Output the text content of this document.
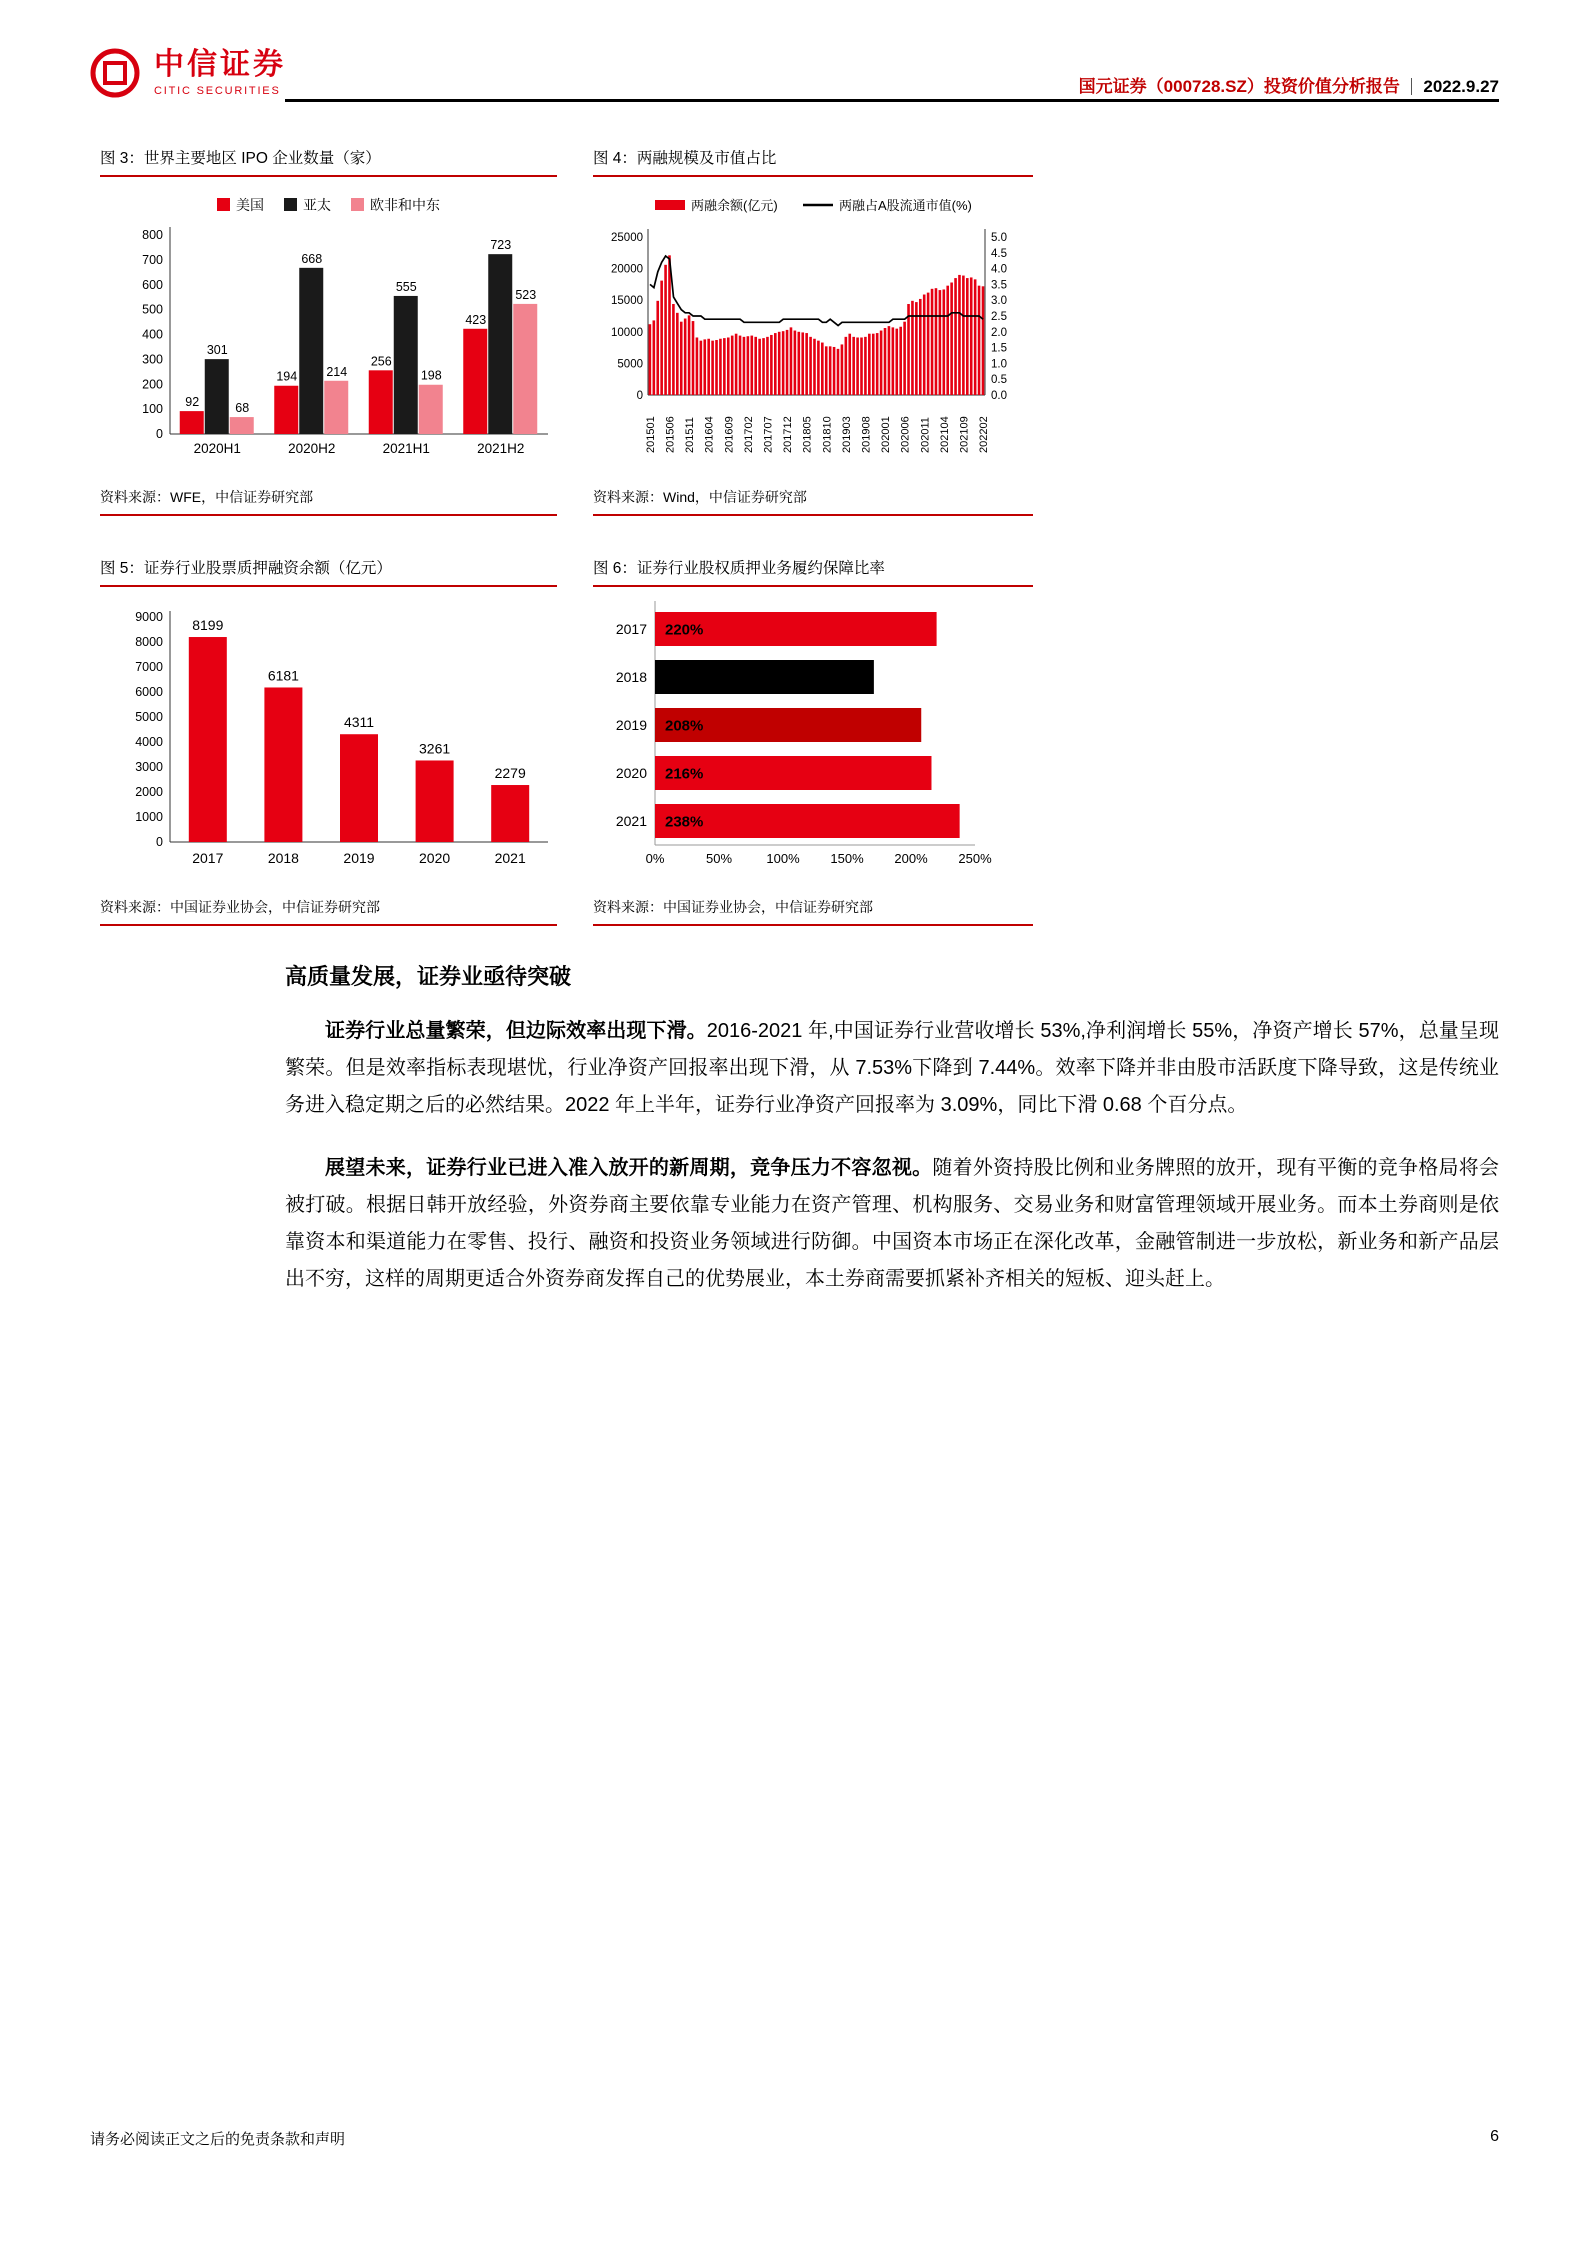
中信证券
CITIC SECURITIES	国元证券（000728.SZ）投资价值分析报告 2022.9.27
图 3：世界主要地区 IPO 企业数量（家）
美国	亚太	欧非和中东
0
100
200
300
400
500
600
700
800
92
301
68
2020H1
194
668
214
2020H2
256
555
198
2021H1
423
723
523
2021H2
资料来源：WFE，中信证券研究部
图 4：两融规模及市值占比
两融余额(亿元)	两融占A股流通市值(%)
0
5000
10000
15000
20000
25000
0.0
0.5
1.0
1.5
2.0
2.5
3.0
3.5
4.0
4.5
5.0
201501 201506 201511 201604 201609 201702 201707 201712 201805 201810 201903 201908 202001 202006 202011 202104 202109 202202
资料来源：Wind，中信证券研究部
图 5：证券行业股票质押融资余额（亿元）
0
1000
2000
3000
4000
5000
6000
7000
8000
9000
8199
2017
6181
2018
4311
2019
3261
2020
2279
2021
资料来源：中国证券业协会，中信证券研究部
图 6：证券行业股权质押业务履约保障比率
2017 220%
2018 171%
2019 208%
2020 216%
2021 238%
0%	50%	100% 150% 200% 250%
资料来源：中国证券业协会，中信证券研究部
高质量发展，证券业亟待突破

证券行业总量繁荣，但边际效率出现下滑。2016-2021 年,中国证券行业营收增长 53%,净利润增长 55%，净资产增长 57%，总量呈现繁荣。但是效率指标表现堪忧，行业净资产回报率出现下滑，从 7.53%下降到 7.44%。效率下降并非由股市活跃度下降导致，这是传统业务进入稳定期之后的必然结果。2022 年上半年，证券行业净资产回报率为 3.09%，同比下滑 0.68 个百分点。

展望未来，证券行业已进入准入放开的新周期，竞争压力不容忽视。随着外资持股比例和业务牌照的放开，现有平衡的竞争格局将会被打破。根据日韩开放经验，外资券商主要依靠专业能力在资产管理、机构服务、交易业务和财富管理领域开展业务。而本土券商则是依靠资本和渠道能力在零售、投行、融资和投资业务领域进行防御。中国资本市场正在深化改革，金融管制进一步放松，新业务和新产品层出不穷，这样的周期更适合外资券商发挥自己的优势展业，本土券商需要抓紧补齐相关的短板、迎头赶上。

请务必阅读正文之后的免责条款和声明	6
